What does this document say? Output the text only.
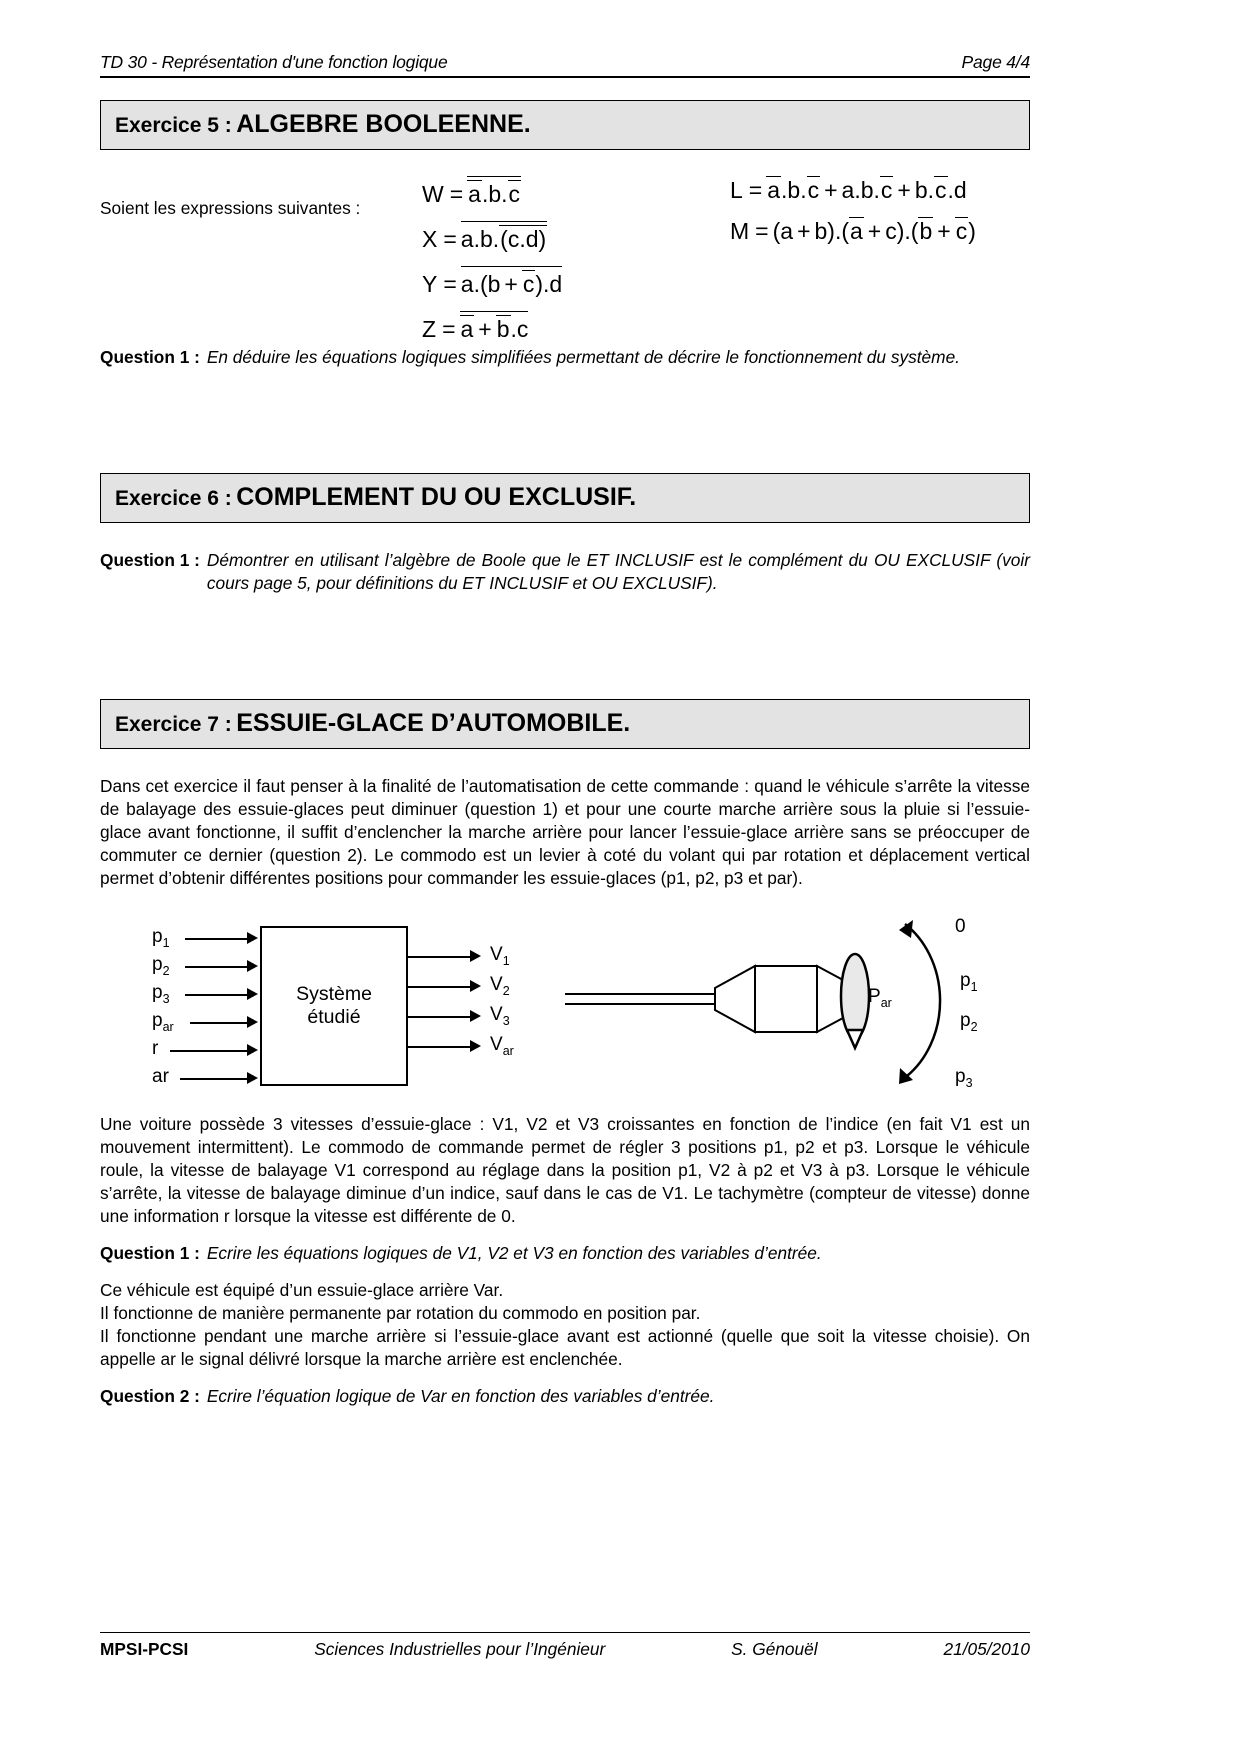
TD 30 - Représentation d'une fonction logique	Page 4/4
Exercice 5 : ALGEBRE BOOLEENNE.
Soient les expressions suivantes :
W = a.b.c
X = a.b.(c.d)
Y = a.(b + c).d
Z = a + b.c
L = a.b.c + a.b.c + b.c.d
M = (a + b).(a + c).(b + c)
Question 1 : En déduire les équations logiques simplifiées permettant de décrire le fonctionnement du système.
Exercice 6 : COMPLEMENT DU OU EXCLUSIF.
Question 1 : Démontrer en utilisant l’algèbre de Boole que le ET INCLUSIF est le complément du OU EXCLUSIF (voir cours page 5, pour définitions du ET INCLUSIF et OU EXCLUSIF).
Exercice 7 : ESSUIE-GLACE D’AUTOMOBILE.

Dans cet exercice il faut penser à la finalité de l’automatisation de cette commande : quand le véhicule s’arrête la vitesse de balayage des essuie-glaces peut diminuer (question 1) et pour une courte marche arrière sous la pluie si l’essuie-glace avant fonctionne, il suffit d’enclencher la marche arrière pour lancer l’essuie-glace arrière sans se préoccuper de commuter ce dernier (question 2). Le commodo est un levier à coté du volant qui par rotation et déplacement vertical permet d’obtenir différentes positions pour commander les essuie-glaces (p1, p2, p3 et par).

Système
étudié
$p_1$
$p_2$
$p_3$
$p_{ar}$
r
ar
$V_1$
$V_2$
$V_3$
$V_{ar}$
$P_{ar}$
0
$p_1$
$p_2$
$p_3$

Une voiture possède 3 vitesses d’essuie-glace : V1, V2 et V3 croissantes en fonction de l’indice (en fait V1 est un mouvement intermittent). Le commodo de commande permet de régler 3 positions p1, p2 et p3. Lorsque le véhicule roule, la vitesse de balayage V1 correspond au réglage dans la position p1, V2 à p2 et V3 à p3. Lorsque le véhicule s’arrête, la vitesse de balayage diminue d’un indice, sauf dans le cas de V1. Le tachymètre (compteur de vitesse) donne une information r lorsque la vitesse est différente de 0.

Question 1 : Ecrire les équations logiques de V1, V2 et V3 en fonction des variables d’entrée.

Ce véhicule est équipé d’un essuie-glace arrière Var.

Il fonctionne de manière permanente par rotation du commodo en position par.

Il fonctionne pendant une marche arrière si l’essuie-glace avant est actionné (quelle que soit la vitesse choisie). On appelle ar le signal délivré lorsque la marche arrière est enclenchée.

Question 2 : Ecrire l’équation logique de Var en fonction des variables d’entrée.
MPSI-PCSI	Sciences Industrielles pour l’Ingénieur	S. Génouël	21/05/2010
